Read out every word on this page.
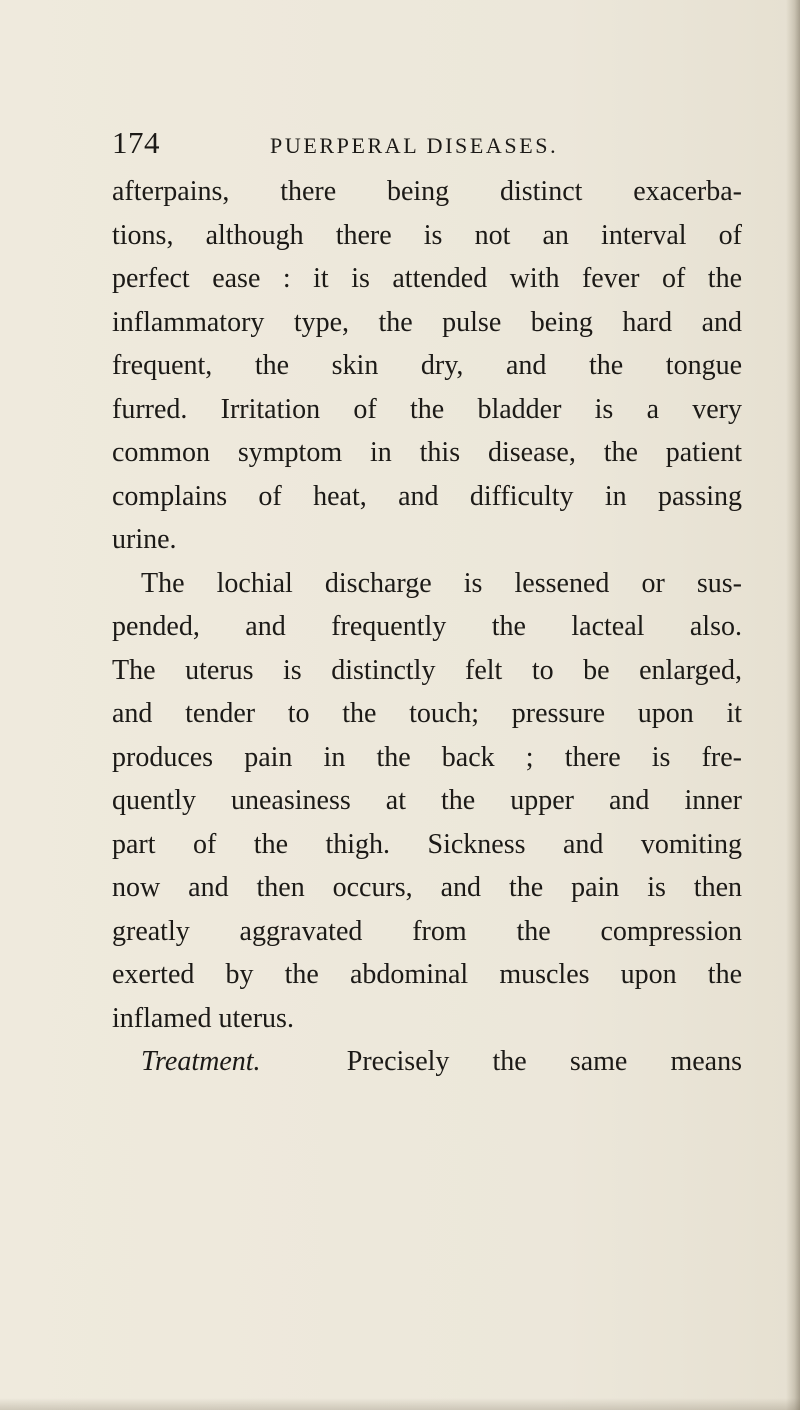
174	PUERPERAL DISEASES.
afterpains, there being distinct exacerba-
tions, although there is not an interval of
perfect ease : it is attended with fever of the
inflammatory type, the pulse being hard and
frequent, the skin dry, and the tongue
furred. Irritation of the bladder is a very
common symptom in this disease, the patient
complains of heat, and difficulty in passing
urine.
The lochial discharge is lessened or sus-
pended, and frequently the lacteal also.
The uterus is distinctly felt to be enlarged,
and tender to the touch; pressure upon it
produces pain in the back ; there is fre-
quently uneasiness at the upper and inner
part of the thigh. Sickness and vomiting
now and then occurs, and the pain is then
greatly aggravated from the compression
exerted by the abdominal muscles upon the
inflamed uterus.
Treatment.	Precisely the same means
